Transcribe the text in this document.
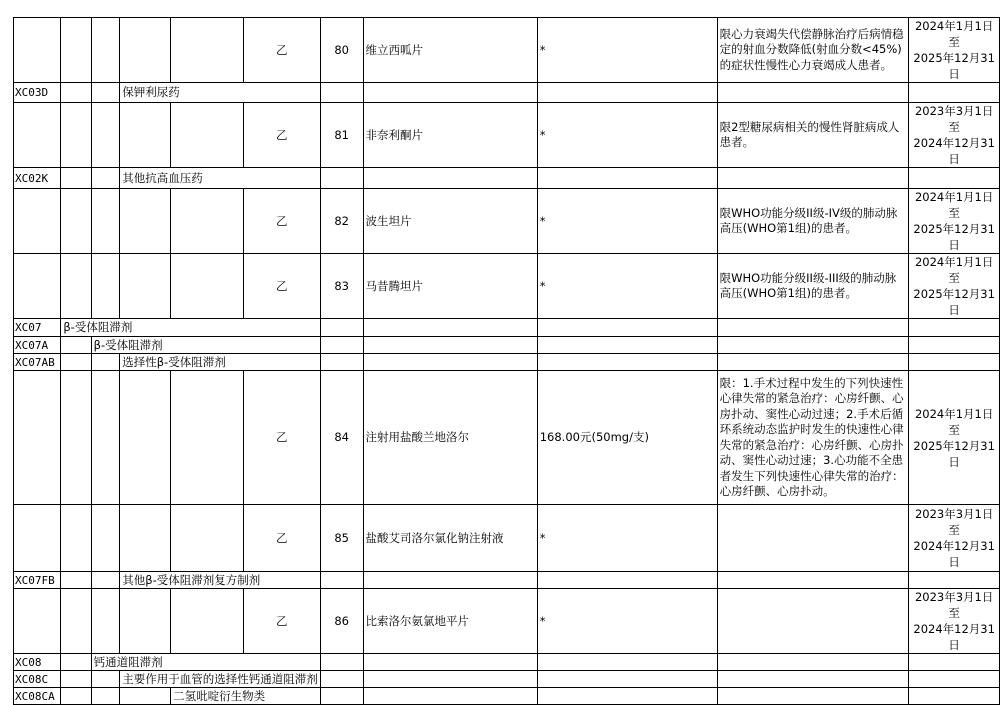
					乙	80	维立西呱片	*	限心力衰竭失代偿静脉治疗后病情稳定的射血分数降低(射血分数<45%)的症状性慢性心力衰竭成人患者。	2024年1月1日至
2025年12月31日

XC03D			保钾利尿药							
					乙	81	非奈利酮片	*	限2型糖尿病相关的慢性肾脏病成人患者。	2023年3月1日至
2024年12月31日

XC02K			其他抗高血压药							
					乙	82	波生坦片	*	限WHO功能分级II级-IV级的肺动脉高压(WHO第1组)的患者。	2024年1月1日至
2025年12月31日

					乙	83	马昔腾坦片	*	限WHO功能分级II级-III级的肺动脉高压(WHO第1组)的患者。	2024年1月1日至
2025年12月31日

XC07	β-受体阻滞剂									
XC07A		β-受体阻滞剂								
XC07AB			选择性β-受体阻滞剂							
					乙	84	注射用盐酸兰地洛尔	168.00元(50mg/支)	限：1.手术过程中发生的下列快速性心律失常的紧急治疗：心房纤颤、心房扑动、窦性心动过速；2.手术后循环系统动态监护时发生的快速性心律失常的紧急治疗：心房纤颤、心房扑动、窦性心动过速；3.心功能不全患者发生下列快速性心律失常的治疗：心房纤颤、心房扑动。	2024年1月1日至
2025年12月31日

					乙	85	盐酸艾司洛尔氯化钠注射液	*		2023年3月1日至
2024年12月31日

XC07FB			其他β-受体阻滞剂复方制剂							
					乙	86	比索洛尔氨氯地平片	*		2023年3月1日至
2024年12月31日

XC08		钙通道阻滞剂								
XC08C			主要作用于血管的选择性钙通道阻滞剂							
XC08CA				二氢吡啶衍生物类						
